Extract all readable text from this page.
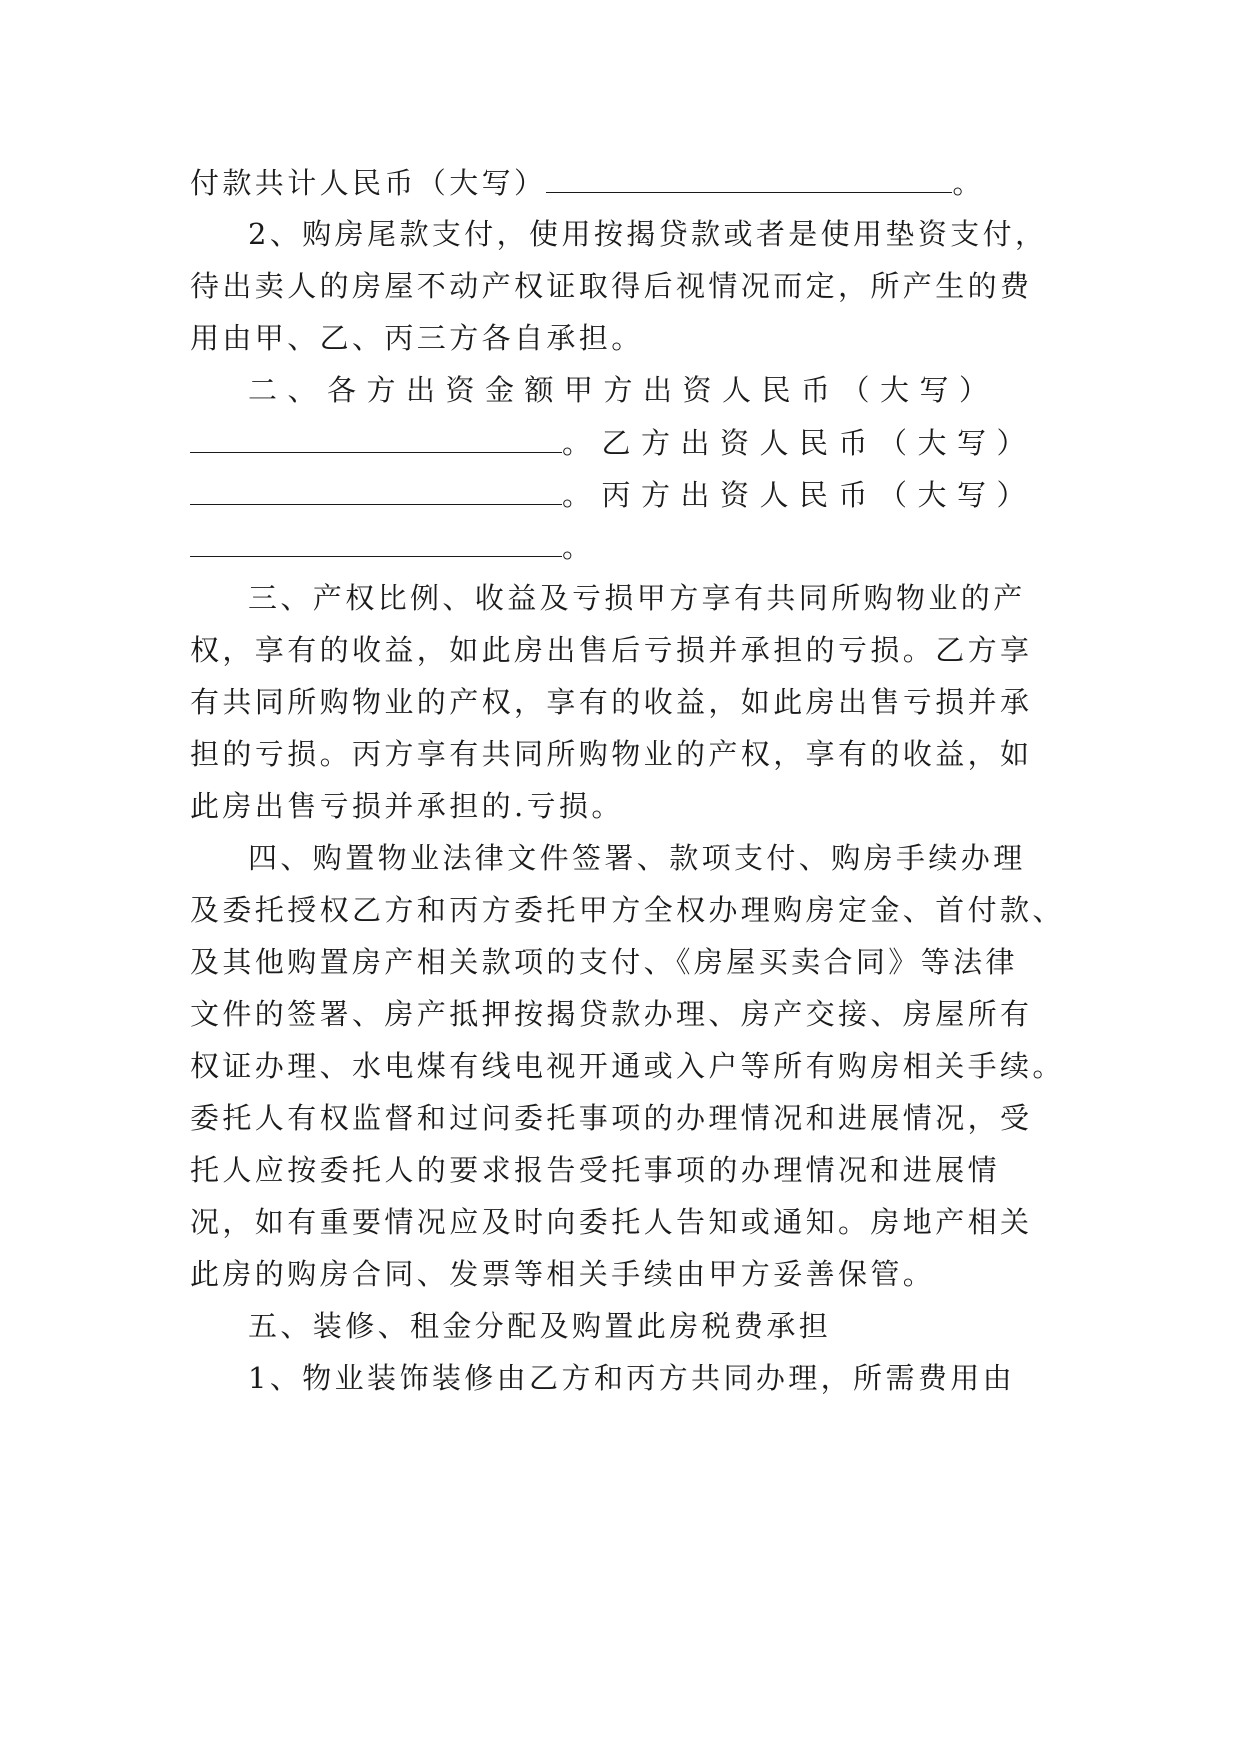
付款共计人民币（大写）	。
2、购房尾款支付，使用按揭贷款或者是使用垫资支付，
待出卖人的房屋不动产权证取得后视情况而定，所产生的费
用由甲、乙、丙三方各自承担。
二、各方出资金额甲方出资人民币（大写）
。乙方出资人民币（大写）
。丙方出资人民币（大写）
。
三、产权比例、收益及亏损甲方享有共同所购物业的产
权，享有的收益，如此房出售后亏损并承担的亏损。乙方享
有共同所购物业的产权，享有的收益，如此房出售亏损并承
担的亏损。丙方享有共同所购物业的产权，享有的收益，如
此房出售亏损并承担的.亏损。
四、购置物业法律文件签署、款项支付、购房手续办理
及委托授权乙方和丙方委托甲方全权办理购房定金、首付款、
及其他购置房产相关款项的支付、《房屋买卖合同》等法律
文件的签署、房产抵押按揭贷款办理、房产交接、房屋所有
权证办理、水电煤有线电视开通或入户等所有购房相关手续。
委托人有权监督和过问委托事项的办理情况和进展情况，受
托人应按委托人的要求报告受托事项的办理情况和进展情
况，如有重要情况应及时向委托人告知或通知。房地产相关
此房的购房合同、发票等相关手续由甲方妥善保管。
五、装修、租金分配及购置此房税费承担
1、物业装饰装修由乙方和丙方共同办理，所需费用由
